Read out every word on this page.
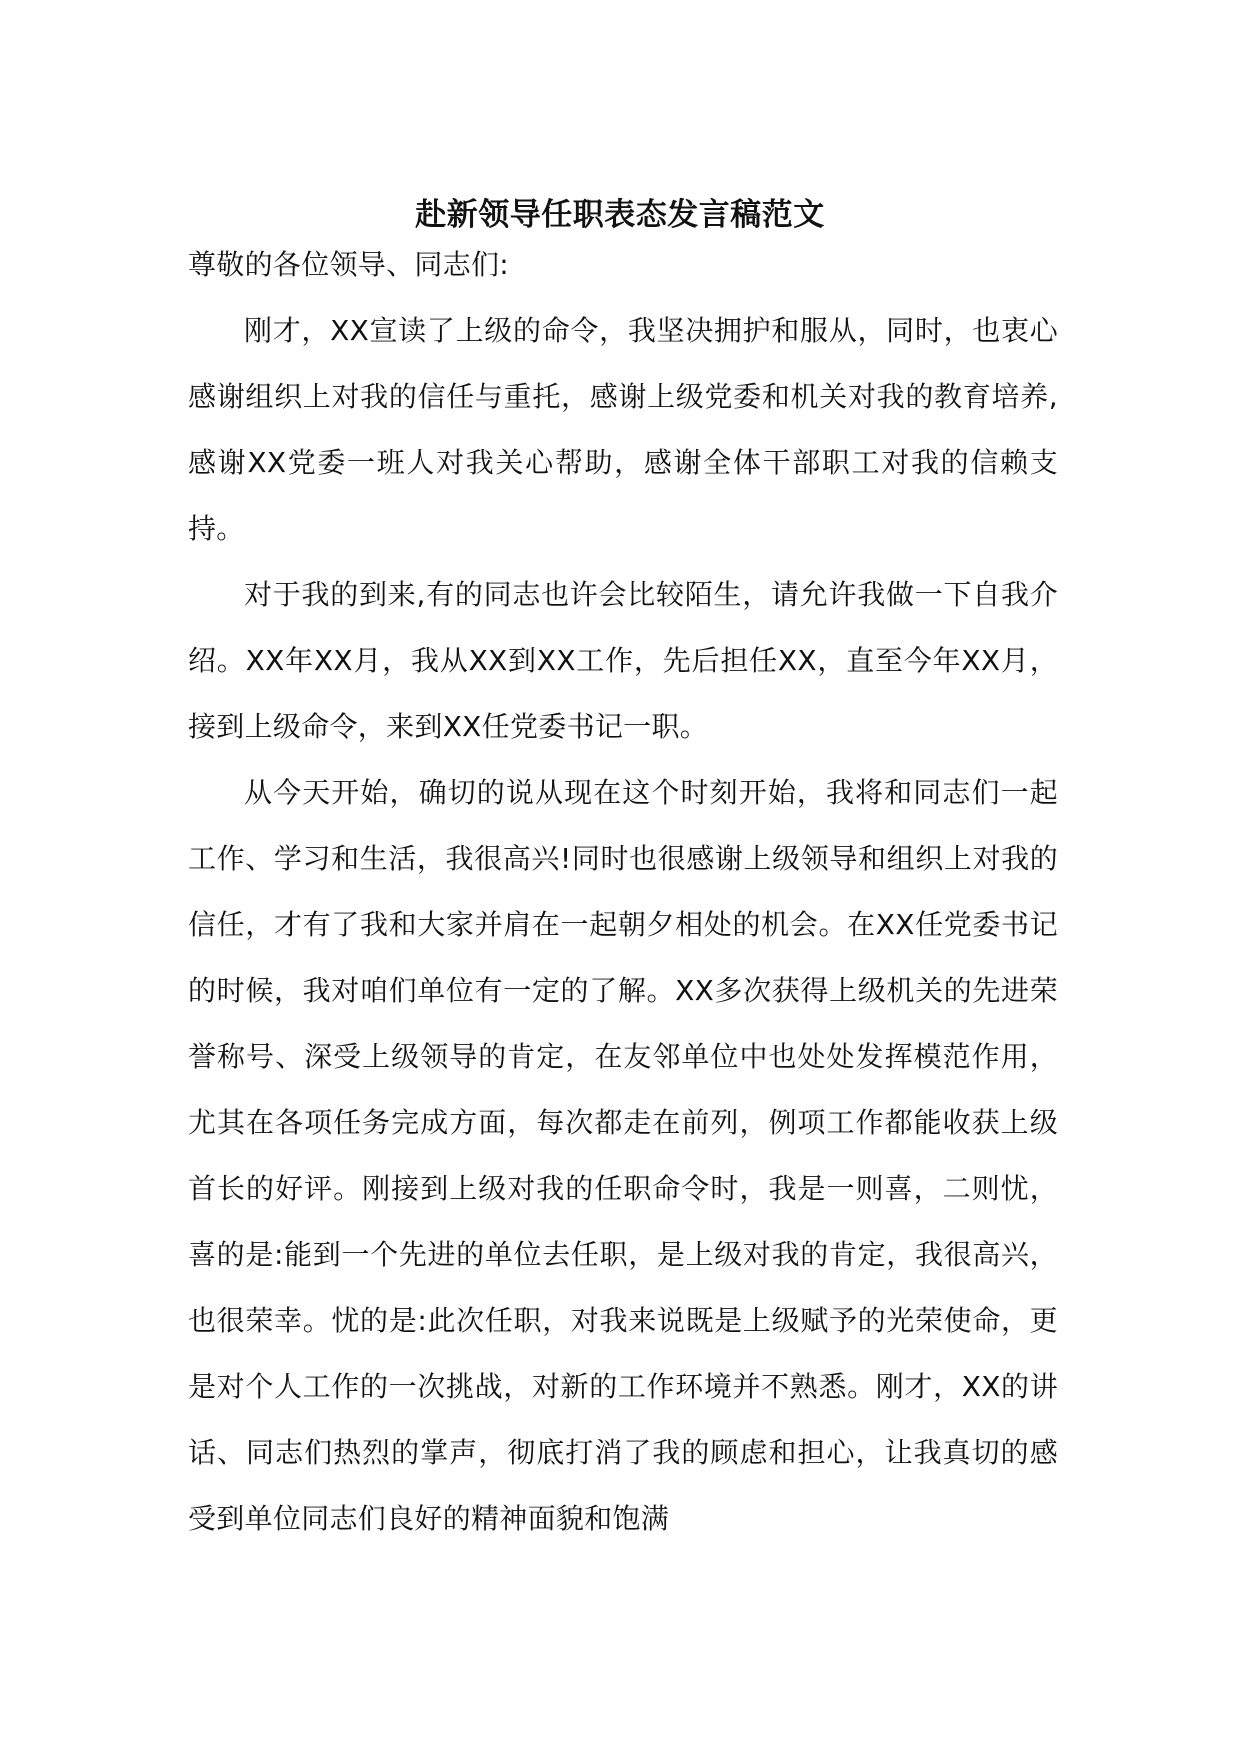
赴新领导任职表态发言稿范文

尊敬的各位领导、同志们:

刚才，XX宣读了上级的命令，我坚决拥护和服从，同时，也衷心感谢组织上对我的信任与重托，感谢上级党委和机关对我的教育培养,感谢XX党委一班人对我关心帮助，感谢全体干部职工对我的信赖支持。

对于我的到来,有的同志也许会比较陌生，请允许我做一下自我介绍。XX年XX月，我从XX到XX工作，先后担任XX，直至今年XX月，接到上级命令，来到XX任党委书记一职。

从今天开始，确切的说从现在这个时刻开始，我将和同志们一起工作、学习和生活，我很高兴!同时也很感谢上级领导和组织上对我的信任，才有了我和大家并肩在一起朝夕相处的机会。在XX任党委书记的时候，我对咱们单位有一定的了解。XX多次获得上级机关的先进荣誉称号、深受上级领导的肯定，在友邻单位中也处处发挥模范作用，尤其在各项任务完成方面，每次都走在前列，例项工作都能收获上级首长的好评。刚接到上级对我的任职命令时，我是一则喜，二则忧，喜的是:能到一个先进的单位去任职，是上级对我的肯定，我很高兴，也很荣幸。忧的是:此次任职，对我来说既是上级赋予的光荣使命，更是对个人工作的一次挑战，对新的工作环境并不熟悉。刚才，XX的讲话、同志们热烈的掌声，彻底打消了我的顾虑和担心，让我真切的感受到单位同志们良好的精神面貌和饱满
